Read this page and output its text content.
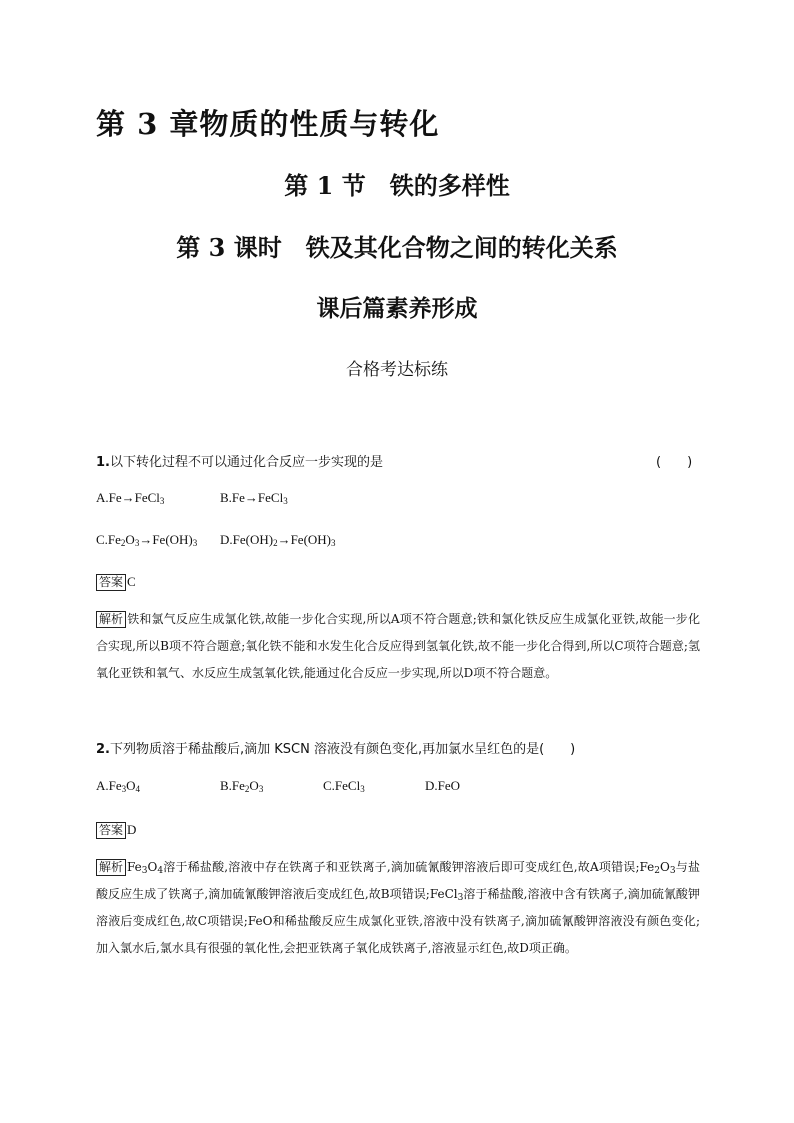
第 3 章物质的性质与转化
第 1 节　铁的多样性
第 3 课时　铁及其化合物之间的转化关系
课后篇素养形成
合格考达标练
1.以下转化过程不可以通过化合反应一步实现的是	(　　)
A.Fe→FeCl$_3$	B.Fe→FeCl$_3$
$C.Fe_2O_3\to Fe(OH)_3$ $D.Fe(OH)_2\to Fe(OH)_3$
答案 C
解析 铁和氯气反应生成氯化铁,故能一步化合实现,所以A项不符合题意;铁和氯化铁反应生成氯化亚铁,故能一步化合实现,所以B项不符合题意;氧化铁不能和水发生化合反应得到氢氧化铁,故不能一步化合得到,所以C项符合题意;氢氧化亚铁和氧气、水反应生成氢氧化铁,能通过化合反应一步实现,所以D项不符合题意。
2.下列物质溶于稀盐酸后,滴加 KSCN 溶液没有颜色变化,再加氯水呈红色的是(　　)
$A.Fe_3O_4$	$B.Fe_2O_3$	C.FeCl$_3$	D.FeO
答案 D
解析 $Fe_3O_4$溶于稀盐酸,溶液中存在铁离子和亚铁离子,滴加硫氰酸钾溶液后即可变成红色,故A项错误$;Fe_2O_3$与盐酸反应生成了铁离子,滴加硫氰酸钾溶液后变成红色,故B项错误;FeCl$_3$溶于稀盐酸,溶液中含有铁离子,滴加硫氰酸钾溶液后变成红色,故C项错误;FeO和稀盐酸反应生成氯化亚铁,溶液中没有铁离子,滴加硫氰酸钾溶液没有颜色变化;加入氯水后,氯水具有很强的氧化性,会把亚铁离子氧化成铁离子,溶液显示红色,故D项正确。
